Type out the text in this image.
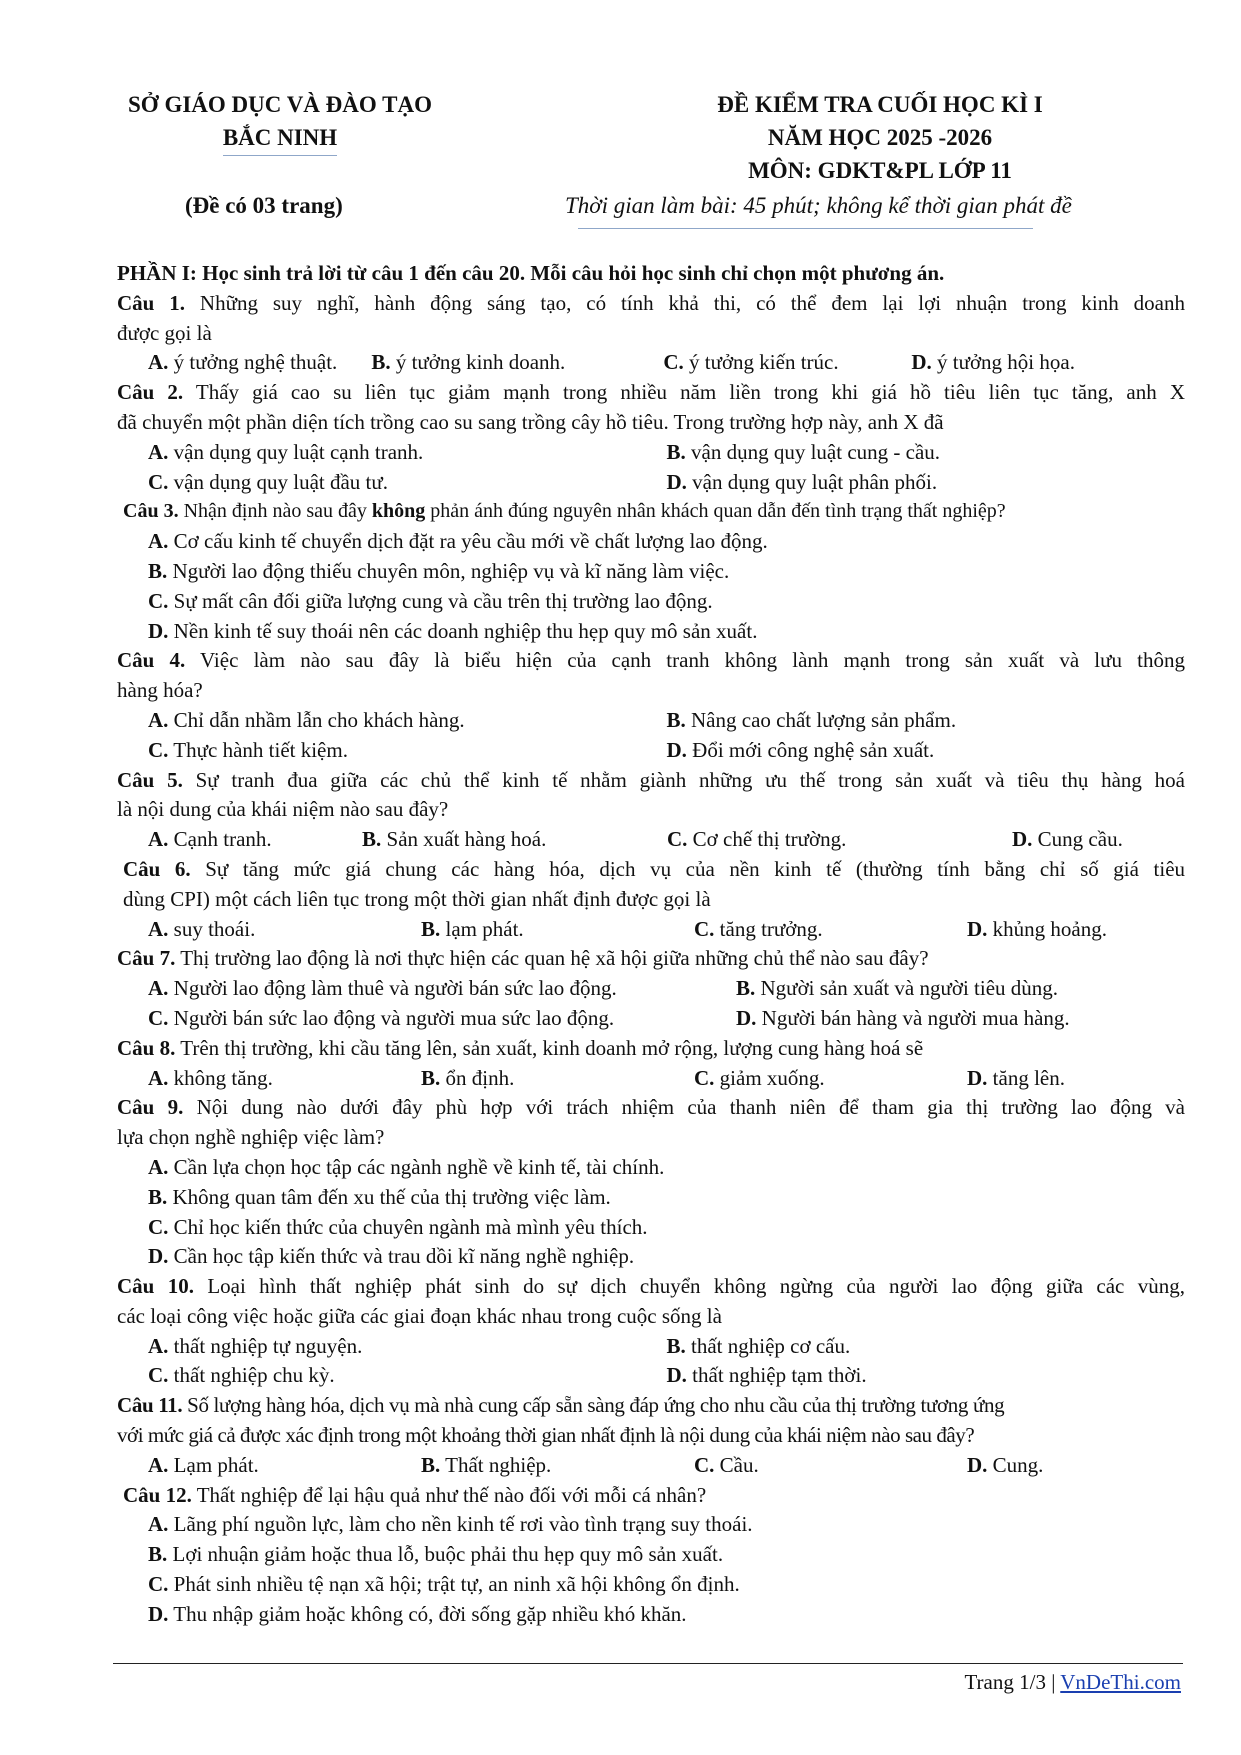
SỞ GIÁO DỤC VÀ ĐÀO TẠO
BẮC NINH
ĐỀ KIỂM TRA CUỐI HỌC KÌ I
NĂM HỌC 2025 -2026
MÔN: GDKT&PL LỚP 11
(Đề có 03 trang)	Thời gian làm bài: 45 phút; không kể thời gian phát đề
PHẦN I: Học sinh trả lời từ câu 1 đến câu 20. Mỗi câu hỏi học sinh chỉ chọn một phương án.
Câu 1. Những suy nghĩ, hành động sáng tạo, có tính khả thi, có thể đem lại lợi nhuận trong kinh doanh
được gọi là
A. ý tưởng nghệ thuật. B. ý tưởng kinh doanh.	C. ý tưởng kiến trúc.	D. ý tưởng hội họa.
Câu 2. Thấy giá cao su liên tục giảm mạnh trong nhiều năm liền trong khi giá hồ tiêu liên tục tăng, anh X
đã chuyển một phần diện tích trồng cao su sang trồng cây hồ tiêu. Trong trường hợp này, anh X đã
A. vận dụng quy luật cạnh tranh.	B. vận dụng quy luật cung - cầu.
C. vận dụng quy luật đầu tư.	D. vận dụng quy luật phân phối.
Câu 3. Nhận định nào sau đây không phản ánh đúng nguyên nhân khách quan dẫn đến tình trạng thất nghiệp?
A. Cơ cấu kinh tế chuyển dịch đặt ra yêu cầu mới về chất lượng lao động.
B. Người lao động thiếu chuyên môn, nghiệp vụ và kĩ năng làm việc.
C. Sự mất cân đối giữa lượng cung và cầu trên thị trường lao động.
D. Nền kinh tế suy thoái nên các doanh nghiệp thu hẹp quy mô sản xuất.
Câu 4. Việc làm nào sau đây là biểu hiện của cạnh tranh không lành mạnh trong sản xuất và lưu thông
hàng hóa?
A. Chỉ dẫn nhầm lẫn cho khách hàng.	B. Nâng cao chất lượng sản phẩm.
C. Thực hành tiết kiệm.	D. Đổi mới công nghệ sản xuất.
Câu 5. Sự tranh đua giữa các chủ thể kinh tế nhằm giành những ưu thế trong sản xuất và tiêu thụ hàng hoá
là nội dung của khái niệm nào sau đây?
A. Cạnh tranh.	B. Sản xuất hàng hoá.	C. Cơ chế thị trường.	D. Cung cầu.
Câu 6. Sự tăng mức giá chung các hàng hóa, dịch vụ của nền kinh tế (thường tính bằng chỉ số giá tiêu
dùng CPI) một cách liên tục trong một thời gian nhất định được gọi là
A. suy thoái.	B. lạm phát.	C. tăng trưởng.	D. khủng hoảng.
Câu 7. Thị trường lao động là nơi thực hiện các quan hệ xã hội giữa những chủ thể nào sau đây?
A. Người lao động làm thuê và người bán sức lao động.	B. Người sản xuất và người tiêu dùng.
C. Người bán sức lao động và người mua sức lao động.	D. Người bán hàng và người mua hàng.
Câu 8. Trên thị trường, khi cầu tăng lên, sản xuất, kinh doanh mở rộng, lượng cung hàng hoá sẽ
A. không tăng.	B. ổn định.	C. giảm xuống.	D. tăng lên.
Câu 9. Nội dung nào dưới đây phù hợp với trách nhiệm của thanh niên để tham gia thị trường lao động và
lựa chọn nghề nghiệp việc làm?
A. Cần lựa chọn học tập các ngành nghề về kinh tế, tài chính.
B. Không quan tâm đến xu thế của thị trường việc làm.
C. Chỉ học kiến thức của chuyên ngành mà mình yêu thích.
D. Cần học tập kiến thức và trau dồi kĩ năng nghề nghiệp.
Câu 10. Loại hình thất nghiệp phát sinh do sự dịch chuyển không ngừng của người lao động giữa các vùng,
các loại công việc hoặc giữa các giai đoạn khác nhau trong cuộc sống là
A. thất nghiệp tự nguyện.	B. thất nghiệp cơ cấu.
C. thất nghiệp chu kỳ.	D. thất nghiệp tạm thời.
Câu 11. Số lượng hàng hóa, dịch vụ mà nhà cung cấp sẵn sàng đáp ứng cho nhu cầu của thị trường tương ứng
với mức giá cả được xác định trong một khoảng thời gian nhất định là nội dung của khái niệm nào sau đây?
A. Lạm phát.	B. Thất nghiệp.	C. Cầu.	D. Cung.
Câu 12. Thất nghiệp để lại hậu quả như thế nào đối với mỗi cá nhân?
A. Lãng phí nguồn lực, làm cho nền kinh tế rơi vào tình trạng suy thoái.
B. Lợi nhuận giảm hoặc thua lỗ, buộc phải thu hẹp quy mô sản xuất.
C. Phát sinh nhiều tệ nạn xã hội; trật tự, an ninh xã hội không ổn định.
D. Thu nhập giảm hoặc không có, đời sống gặp nhiều khó khăn.
Trang 1/3 | VnDeThi.com
